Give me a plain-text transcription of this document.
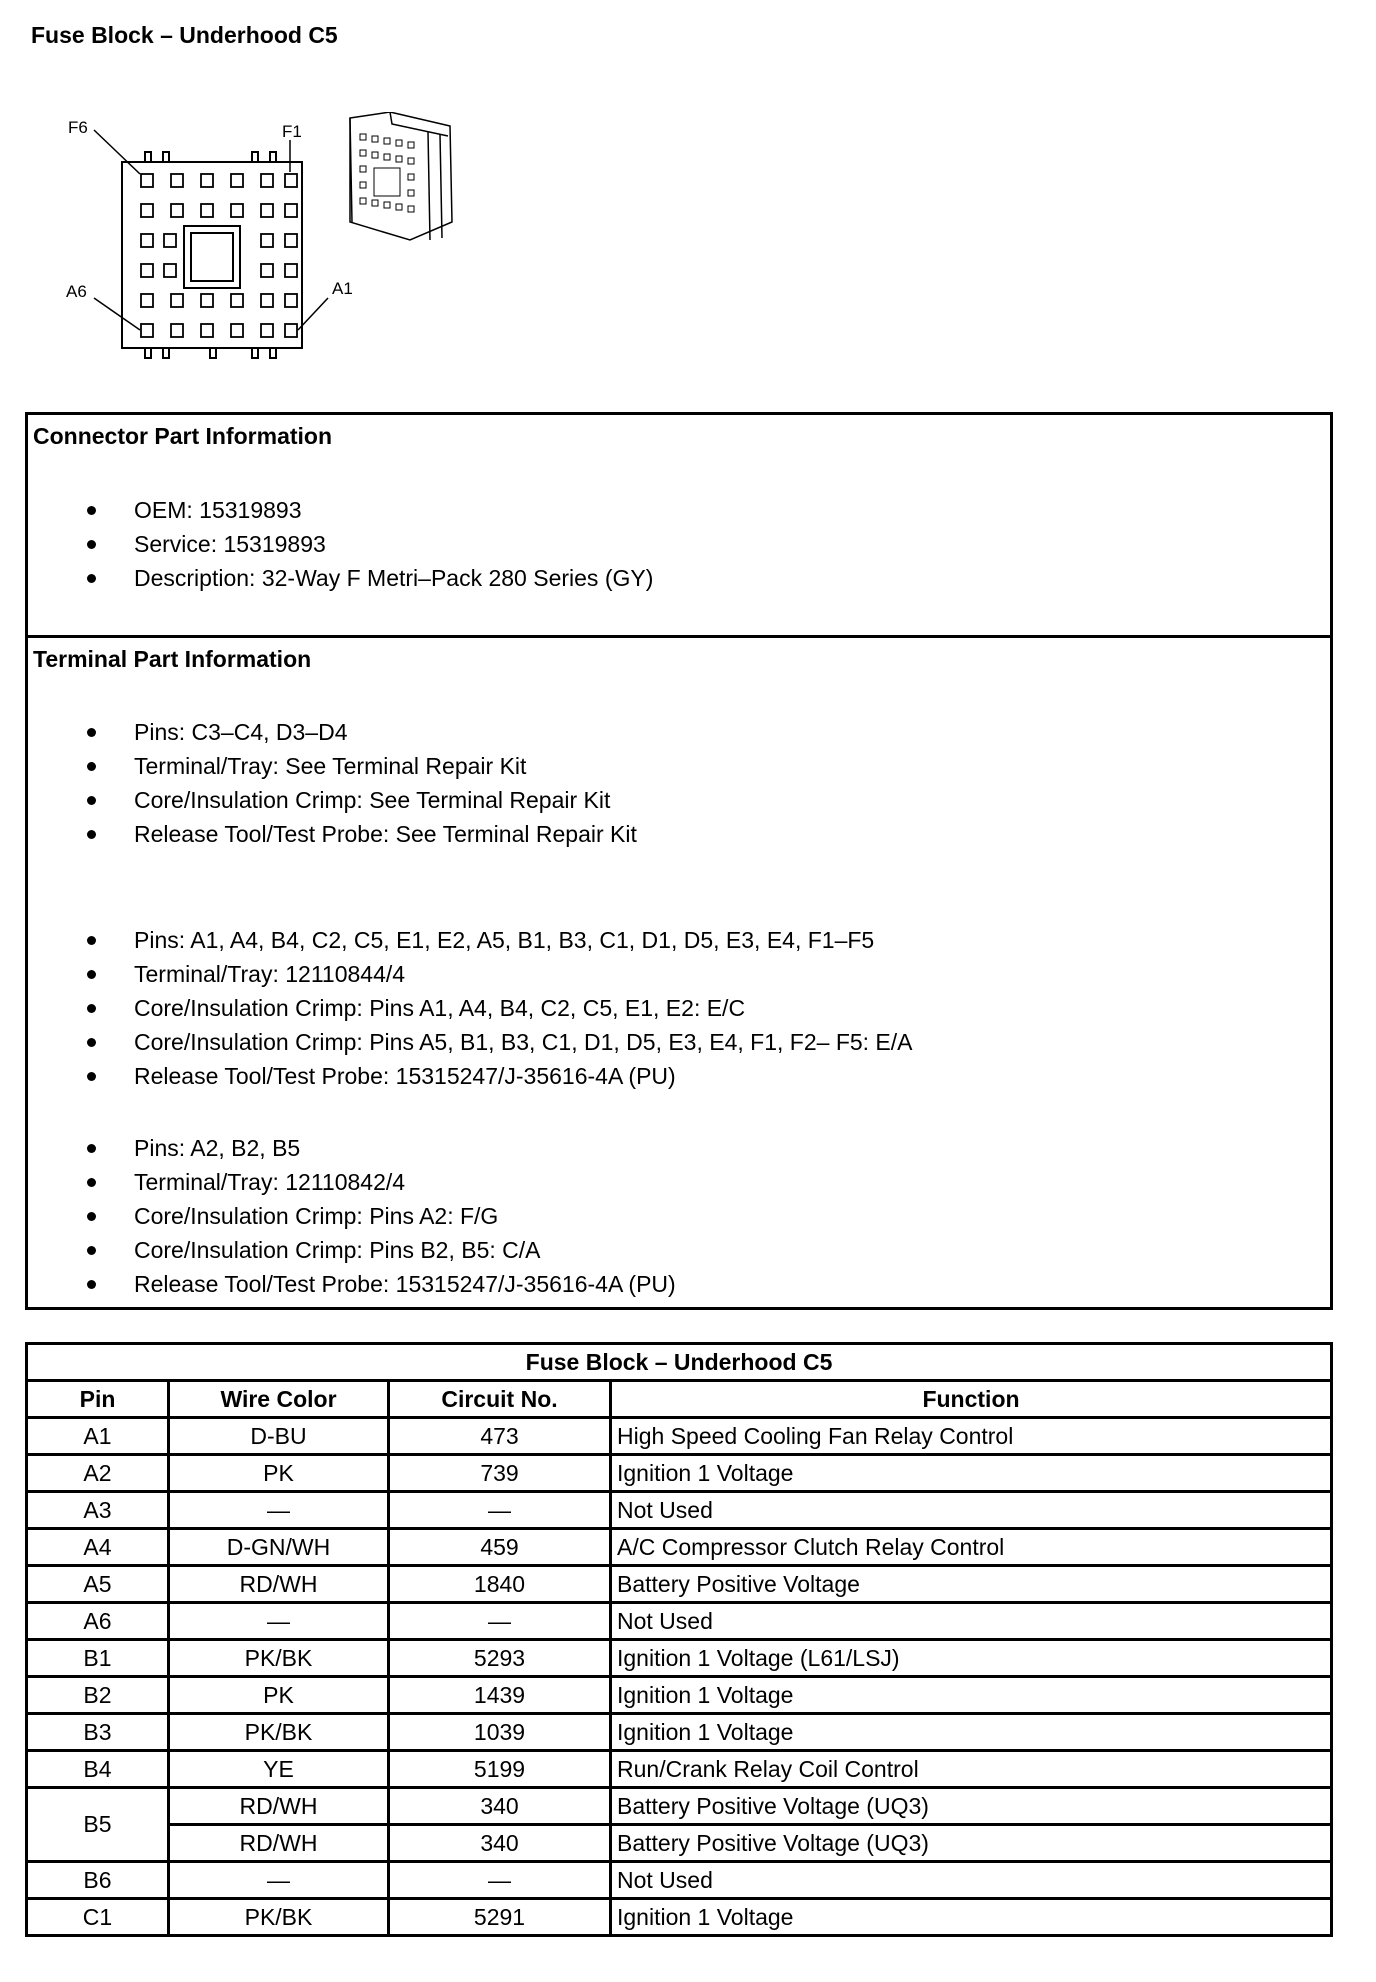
Fuse Block – Underhood C5
F6	F1
A6	A1
Connector Part Information
OEM: 15319893
Service: 15319893
Description: 32-Way F Metri–Pack 280 Series (GY)
Terminal Part Information
Pins: C3–C4, D3–D4
Terminal/Tray: See Terminal Repair Kit
Core/Insulation Crimp: See Terminal Repair Kit
Release Tool/Test Probe: See Terminal Repair Kit
Pins: A1, A4, B4, C2, C5, E1, E2, A5, B1, B3, C1, D1, D5, E3, E4, F1–F5
Terminal/Tray: 12110844/4
Core/Insulation Crimp: Pins A1, A4, B4, C2, C5, E1, E2: E/C
Core/Insulation Crimp: Pins A5, B1, B3, C1, D1, D5, E3, E4, F1, F2– F5: E/A
Release Tool/Test Probe: 15315247/J-35616-4A (PU)
Pins: A2, B2, B5
Terminal/Tray: 12110842/4
Core/Insulation Crimp: Pins A2: F/G
Core/Insulation Crimp: Pins B2, B5: C/A
Release Tool/Test Probe: 15315247/J-35616-4A (PU)
Fuse Block – Underhood C5			
Pin	Wire Color	Circuit No.	Function
A1	D-BU	473	High Speed Cooling Fan Relay Control
A2	PK	739	Ignition 1 Voltage
A3	—	—	Not Used
A4	D-GN/WH	459	A/C Compressor Clutch Relay Control
A5	RD/WH	1840	Battery Positive Voltage
A6	—	—	Not Used
B1	PK/BK	5293	Ignition 1 Voltage (L61/LSJ)
B2	PK	1439	Ignition 1 Voltage
B3	PK/BK	1039	Ignition 1 Voltage
B4	YE	5199	Run/Crank Relay Coil Control
B5	RD/WH	340	Battery Positive Voltage (UQ3)
	RD/WH	340	Battery Positive Voltage (UQ3)
B6	—	—	Not Used
C1	PK/BK	5291	Ignition 1 Voltage
